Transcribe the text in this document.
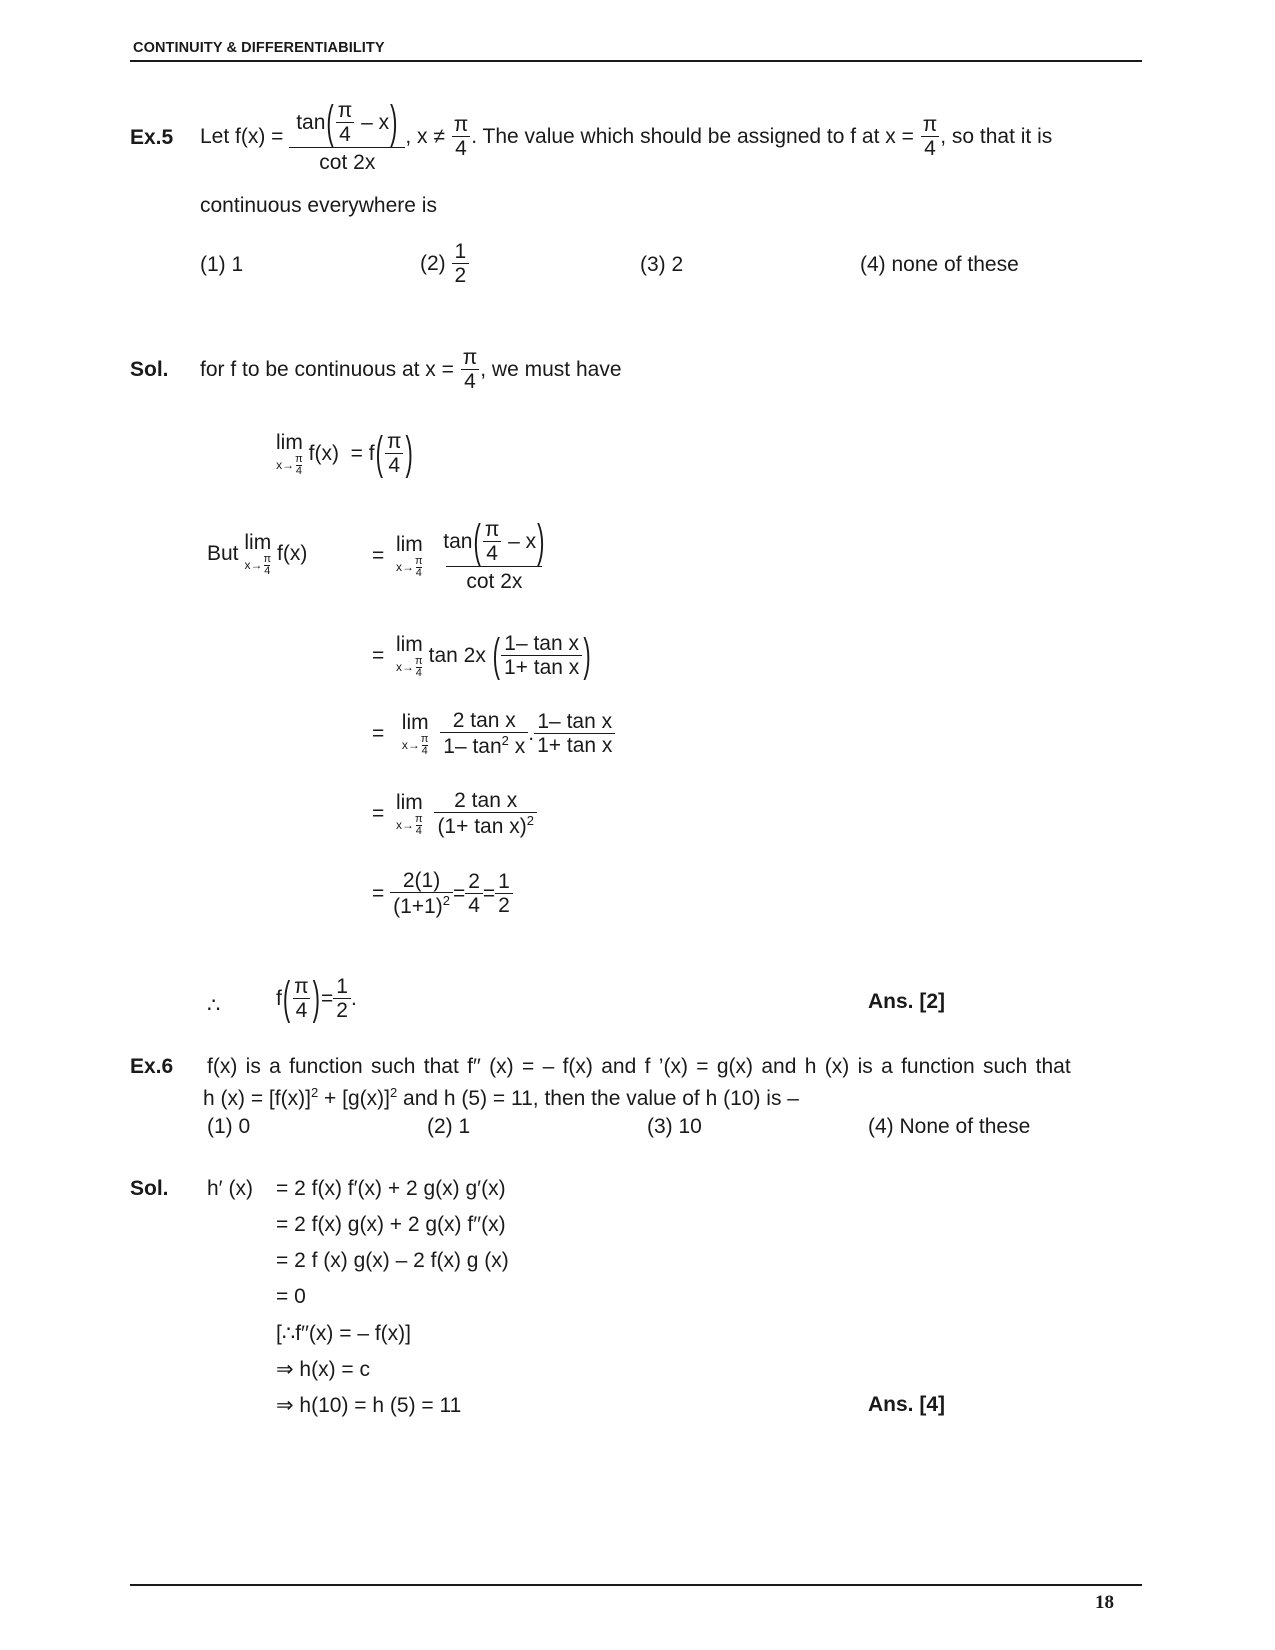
CONTINUITY & DIFFERENTIABILITY
Ex.5 Let f(x) =
tan ( $\frac{\pi}{4}$
– x )
cot 2x , x ≠
$\frac{\pi}{4}$ . The value which should be assigned to f at x =
$\frac{\pi}{4}$ , so that it is
continuous everywhere is
(1) 1	(2)
$\frac{1}{2}$	(3) 2	(4) none of these
Sol. for f to be continuous at x =
$\frac{\pi}{4}$ , we must have
lim
x→ π
4

f(x)
= f ( $\frac{\pi}{4}$ )
But
lim
x→ π
4

f(x)	=
lim
x→ π
4
tan ( $\frac{\pi}{4}$
– x )
cot 2x
=
lim
x→ π
4

tan 2x
( $\frac{\text{1– tan x}}{\text{1+ tan x}}$ )
=
lim
x→ π
4
$\frac{\text{2 tan x}}{1- \tan^2 x}$ . $\frac{\text{1– tan x}}{\text{1+ tan x}}$
=
lim
x→ π
4
$\frac{\text{2 tan x}}{(1+ \tan x)^2}$
=
$\frac{2(1)}{(1+1)^2} = \frac{2}{4} = \frac{1}{2}$
∴	f ( $\frac{\pi}{4}$ ) = $\frac{1}{2}$ .	Ans. [2]
Ex.6 f(x) is a function such that f′′ (x) = – f(x) and f ’(x) = g(x) and h (x) is a function such that
h $(x) = [f(x)]^2 + [g(x)]^2$ and h (5) = 11, then the value of h (10) is –
(1) 0	(2) 1	(3) 10	(4) None of these
Sol. h′ (x) = 2 f(x) f′(x) + 2 g(x) g′(x)
= 2 f(x) g(x) + 2 g(x) f′′(x)
= 2 f (x) g(x) – 2 f(x) g (x)
= 0
[∴f′′(x) = – f(x)]
⇒ h(x) = c
⇒ h(10) = h (5) = 11	Ans. [4]
18
